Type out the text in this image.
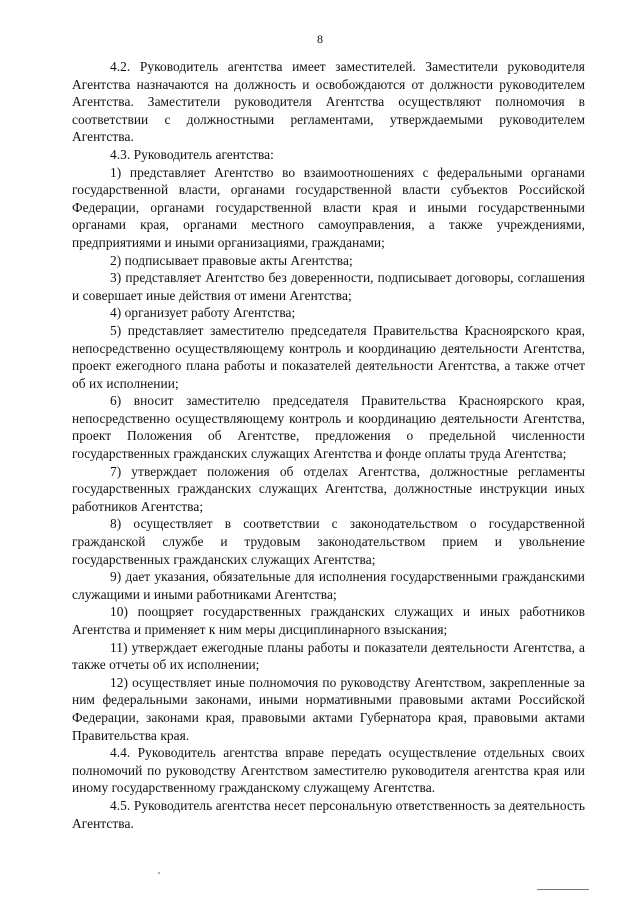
8

4.2. Руководитель агентства имеет заместителей. Заместители руководителя Агентства назначаются на должность и освобождаются от должности руководителем Агентства. Заместители руководителя Агентства осуществляют полномочия в соответствии с должностными регламентами, утверждаемыми руководителем Агентства.

4.3. Руководитель агентства:

1) представляет Агентство во взаимоотношениях с федеральными органами государственной власти, органами государственной власти субъектов Российской Федерации, органами государственной власти края и иными государственными органами края, органами местного самоуправления, а также учреждениями, предприятиями и иными организациями, гражданами;

2) подписывает правовые акты Агентства;

3) представляет Агентство без доверенности, подписывает договоры, соглашения и совершает иные действия от имени Агентства;

4) организует работу Агентства;

5) представляет заместителю председателя Правительства Красноярского края, непосредственно осуществляющему контроль и координацию деятельности Агентства, проект ежегодного плана работы и показателей деятельности Агентства, а также отчет об их исполнении;

6) вносит заместителю председателя Правительства Красноярского края, непосредственно осуществляющему контроль и координацию деятельности Агентства, проект Положения об Агентстве, предложения о предельной численности государственных гражданских служащих Агентства и фонде оплаты труда Агентства;

7) утверждает положения об отделах Агентства, должностные регламенты государственных гражданских служащих Агентства, должностные инструкции иных работников Агентства;

8) осуществляет в соответствии с законодательством о государственной гражданской службе и трудовым законодательством прием и увольнение государственных гражданских служащих Агентства;

9) дает указания, обязательные для исполнения государственными гражданскими служащими и иными работниками Агентства;

10) поощряет государственных гражданских служащих и иных работников Агентства и применяет к ним меры дисциплинарного взыскания;

11) утверждает ежегодные планы работы и показатели деятельности Агентства, а также отчеты об их исполнении;

12) осуществляет иные полномочия по руководству Агентством, закрепленные за ним федеральными законами, иными нормативными правовыми актами Российской Федерации, законами края, правовыми актами Губернатора края, правовыми актами Правительства края.

4.4. Руководитель агентства вправе передать осуществление отдельных своих полномочий по руководству Агентством заместителю руководителя агентства края или иному государственному гражданскому служащему Агентства.

4.5. Руководитель агентства несет персональную ответственность за деятельность Агентства.
